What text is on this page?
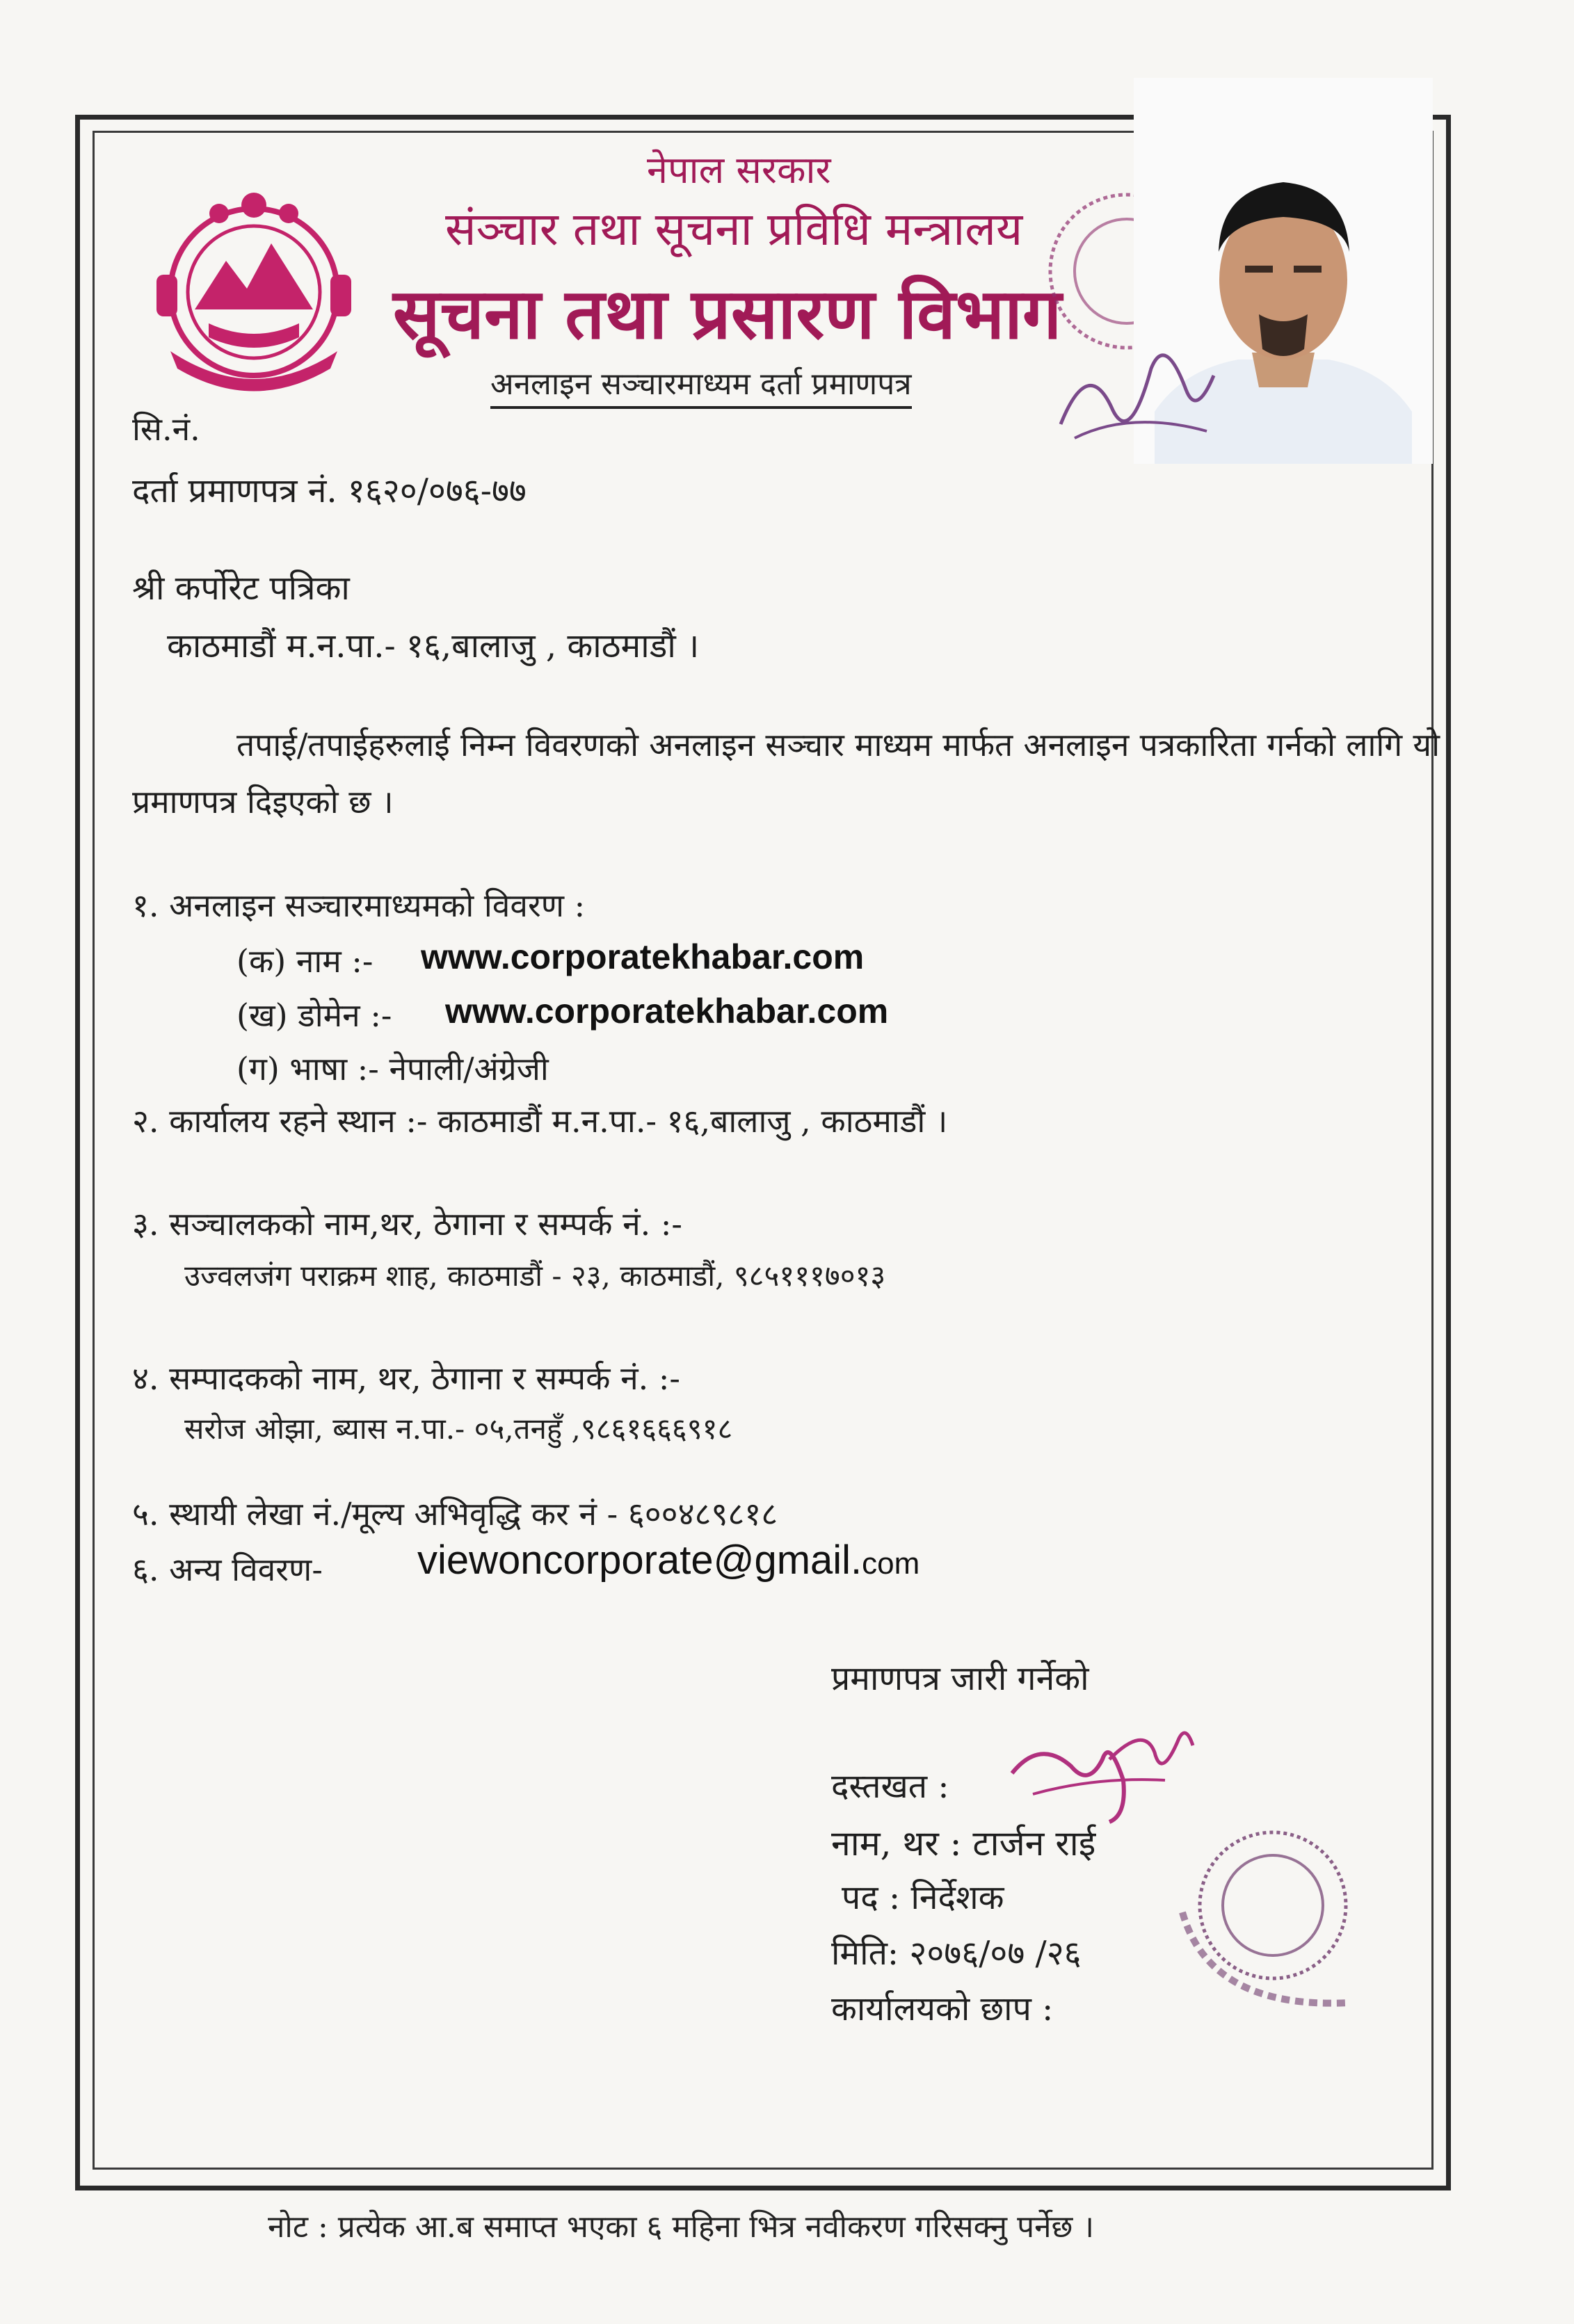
नेपाल सरकार
संञ्चार तथा सूचना प्रविधि मन्त्रालय
सूचना तथा प्रसारण विभाग
अनलाइन सञ्चारमाध्यम दर्ता प्रमाणपत्र
सि.नं.
दर्ता प्रमाणपत्र नं. १६२०/०७६-७७
श्री कर्पोरेट पत्रिका
काठमाडौं म.न.पा.- १६,बालाजु , काठमाडौं ।
तपाई/तपाईहरुलाई निम्न विवरणको अनलाइन सञ्चार माध्यम मार्फत अनलाइन पत्रकारिता गर्नको लागि यो प्रमाणपत्र दिइएको छ ।
१. अनलाइन सञ्चारमाध्यमको विवरण :
(क) नाम :- www.corporatekhabar.com
(ख) डोमेन :- www.corporatekhabar.com
(ग) भाषा :- नेपाली/अंग्रेजी
२. कार्यालय रहने स्थान :- काठमाडौं म.न.पा.- १६,बालाजु , काठमाडौं ।
३. सञ्चालकको नाम,थर, ठेगाना र सम्पर्क नं. :-
उज्वलजंग पराक्रम शाह, काठमाडौं - २३, काठमाडौं, ९८५१११७०१३
४. सम्पादकको नाम, थर, ठेगाना र सम्पर्क नं. :-
सरोज ओझा, ब्यास न.पा.- ०५,तनहुँ ,९८६१६६६९१८
५. स्थायी लेखा नं./मूल्य अभिवृद्धि कर नं - ६००४८९८१८
६. अन्य विवरण- viewoncorporate@gmail.com
प्रमाणपत्र जारी गर्नेको
दस्तखत :
नाम, थर : टार्जन राई
पद : निर्देशक
मिति: २०७६/०७ /२६
कार्यालयको छाप :
नोट : प्रत्येक आ.ब समाप्त भएका ६ महिना भित्र नवीकरण गरिसक्नु पर्नेछ ।
